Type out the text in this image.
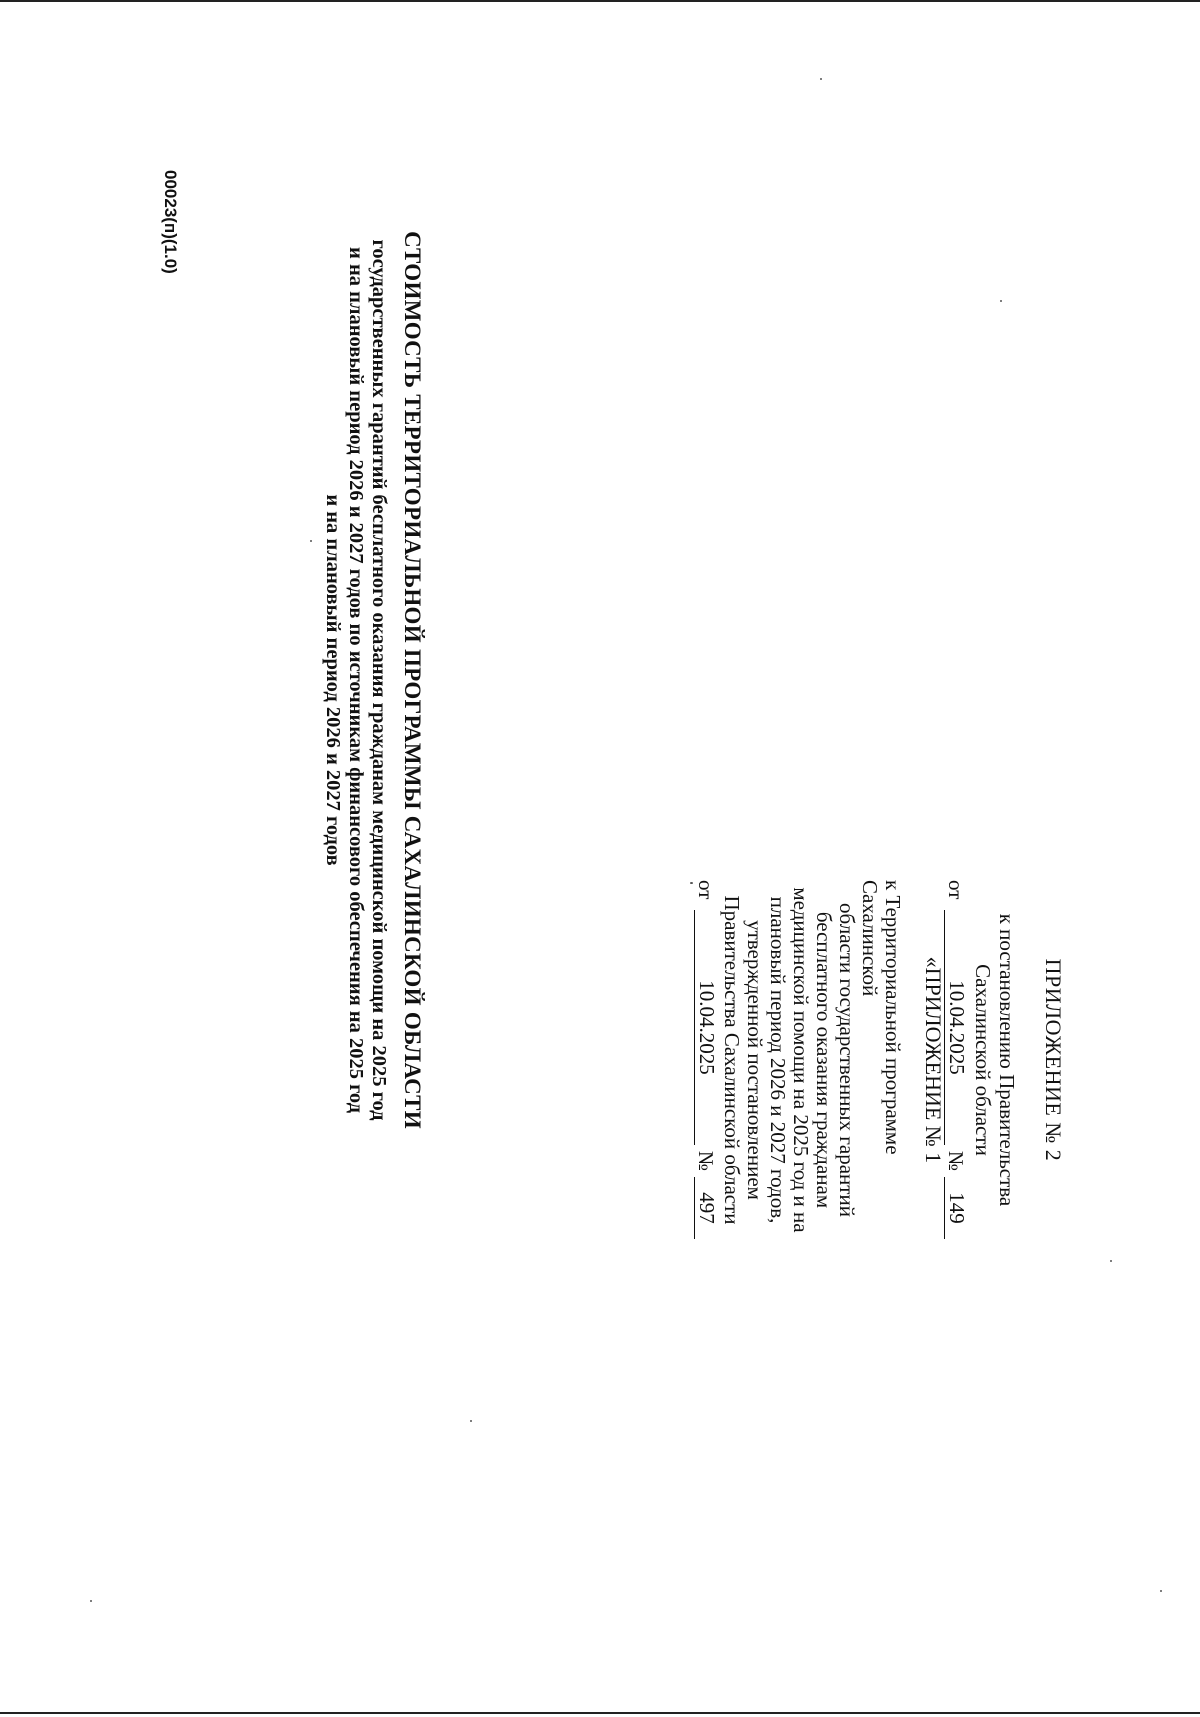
ПРИЛОЖЕНИЕ № 2
к постановлению Правительства
Сахалинской области
от
10.04.2025
№
149
«ПРИЛОЖЕНИЕ № 1
к Территориальной программе Сахалинской
области государственных гарантий
бесплатного оказания гражданам
медицинской помощи на 2025 год и на
плановый период 2026 и 2027 годов,
утвержденной постановлением
Правительства Сахалинской области
от
10.04.2025
№
497
СТОИМОСТЬ ТЕРРИТОРИАЛЬНОЙ ПРОГРАММЫ САХАЛИНСКОЙ ОБЛАСТИ
государственных гарантий бесплатного оказания гражданам медицинской помощи на 2025 год
и на плановый период 2026 и 2027 годов по источникам финансового обеспечения на 2025 год
и на плановый период 2026 и 2027 годов
00023(п)(1.0)
